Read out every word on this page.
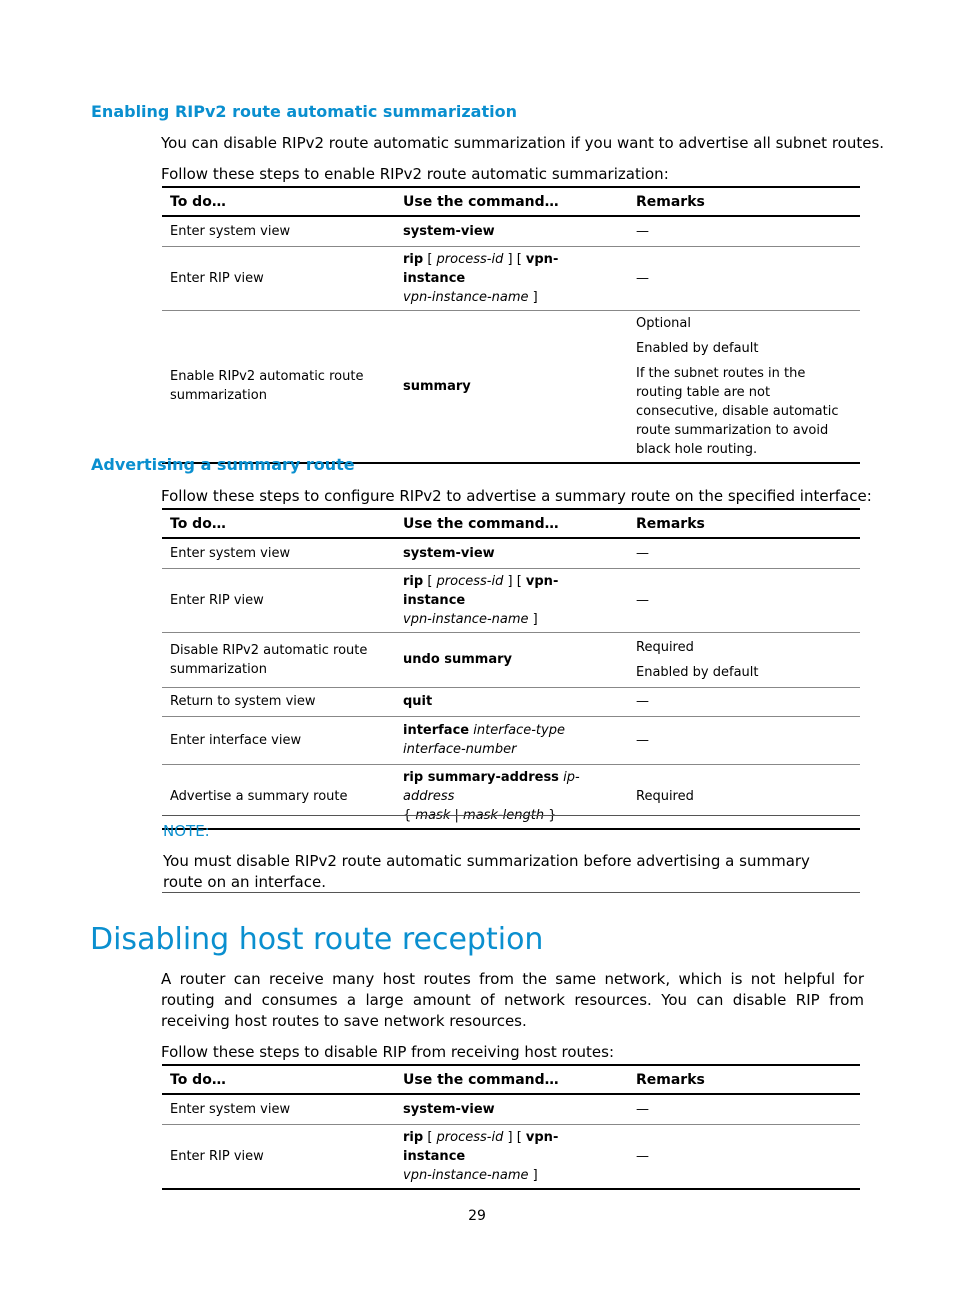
Enabling RIPv2 route automatic summarization
You can disable RIPv2 route automatic summarization if you want to advertise all subnet routes.
Follow these steps to enable RIPv2 route automatic summarization:
To do…	Use the command…	Remarks
Enter system view	system-view	—
Enter RIP view	rip [ process-id ] [ vpn-instance
vpn-instance-name ]	—
Enable RIPv2 automatic route summarization	summary	Optional

Enabled by default

If the subnet routes in the routing table are not consecutive, disable automatic route summarization to avoid black hole routing.

Advertising a summary route
Follow these steps to configure RIPv2 to advertise a summary route on the specified interface:
To do…	Use the command…	Remarks
Enter system view	system-view	—
Enter RIP view	rip [ process-id ] [ vpn-instance
vpn-instance-name ]	—
Disable RIPv2 automatic route summarization	undo summary	Required

Enabled by default

Return to system view	quit	—
Enter interface view	interface interface-type
interface-number	—
Advertise a summary route	rip summary-address ip-address
{ mask | mask-length }	Required
NOTE:
You must disable RIPv2 route automatic summarization before advertising a summary route on an interface.
Disabling host route reception
A router can receive many host routes from the same network, which is not helpful for routing and consumes a large amount of network resources. You can disable RIP from receiving host routes to save network resources.
Follow these steps to disable RIP from receiving host routes:
To do…	Use the command…	Remarks
Enter system view	system-view	—
Enter RIP view	rip [ process-id ] [ vpn-instance
vpn-instance-name ]	—
29
